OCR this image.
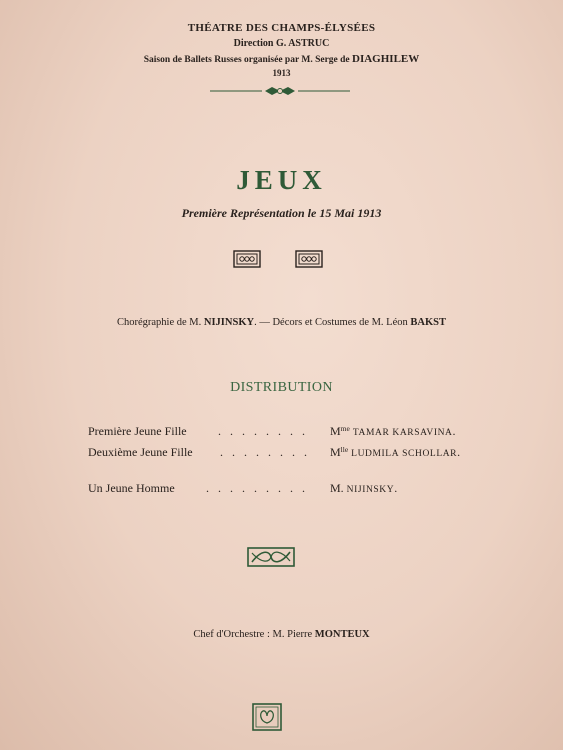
THÉATRE DES CHAMPS-ÉLYSÉES
Direction G. ASTRUC
Saison de Ballets Russes organisée par M. Serge de DIAGHILEW
1913
JEUX
Première Représentation le 15 Mai 1913
Chorégraphie de M. NIJINSKY. — Décors et Costumes de M. Léon BAKST
DISTRIBUTION
Première Jeune Fille	. . . . . . . . $M^{me}$ TAMAR KARSAVINA.
Deuxième Jeune Fille . . . . . . . . $M^{lle}$ LUDMILA SCHOLLAR.
Un Jeune Homme	. . . . . . . . . M. NIJINSKY.
Chef d'Orchestre : M. Pierre MONTEUX
